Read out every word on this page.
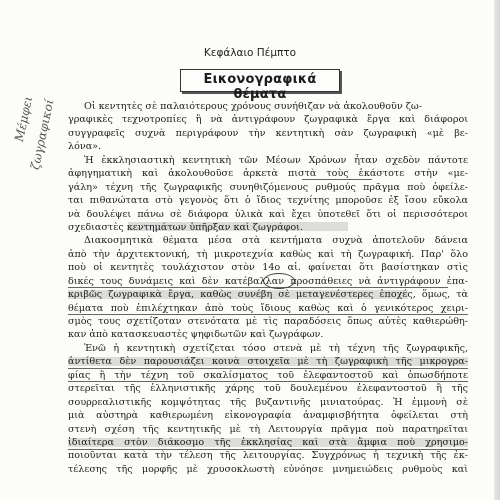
Κεφάλαιο Πέμπτο
Εικονογραφικά θέματα
Μέμφει
ζωγραφικοί	Οἱ κεντητὲς σὲ παλαιότερους χρόνους συνήθιζαν νὰ ἀκολουθοῦν ζω-
γραφικὲς τεχνοτροπίες ἢ νὰ ἀντιγράφουν ζωγραφικὰ ἔργα καὶ διάφοροι
συγγραφεῖς συχνὰ περιγράφουν τὴν κεντητικὴ σὰν ζωγραφικὴ «μὲ βε-
λόνα».
Ἡ ἐκκλησιαστικὴ κεντητικὴ τῶν Μέσων Χρόνων ἦταν σχεδὸν πάντοτε
ἀφηγηματικὴ καὶ ἀκολουθοῦσε ἀρκετὰ πιστὰ τοὺς ἑκάστοτε στὴν «με-
γάλη» τέχνη τῆς ζωγραφικῆς συνηθιζόμενους ρυθμούς πρᾶγμα ποὺ ὀφείλε-
ται πιθανώτατα στὸ γεγονὸς ὅτι ὁ ἴδιος τεχνίτης μποροῦσε ἐξ ἴσου εὔκολα
νὰ δουλέψει πάνω σὲ διάφορα ὑλικὰ καὶ ἔχει ὑποτεθεῖ ὅτι οἱ περισσότεροι
σχεδιαστὲς κεντημάτων ὑπῆρξαν καὶ ζωγράφοι.
Διακοσμητικὰ θέματα μέσα στὰ κεντήματα συχνὰ ἀποτελοῦν δάνεια
ἀπὸ τὴν ἀρχιτεκτονική, τὴ μικροτεχνία καθὼς καὶ τὴ ζωγραφική. Παρ' ὅλο
ποὺ οἱ κεντητὲς τουλάχιστον στὸν 14ο αἰ. φαίνεται ὅτι βασίστηκαν στὶς
δικές τους δυνάμεις καὶ δὲν κατέβαλλαν προσπάθειες νὰ ἀντιγράφουν ἐπα-
κριβῶς ζωγραφικὰ ἔργα, καθὼς συνέβη σὲ μεταγενέστερες ἐποχές, ὅμως, τὰ
θέματα ποὺ ἐπιλέχτηκαν ἀπὸ τοὺς ἴδιους καθὼς καὶ ὁ γενικότερος χειρι-
σμὸς τους σχετίζοταν στενότατα μὲ τὶς παραδόσεις ὅπως αὐτὲς καθιερώθη-
καν ἀπὸ κατασκευαστὲς ψηφιδωτῶν καὶ ζωγράφων.
Ἐνῶ ἡ κεντητικὴ σχετίζεται τόσο στενὰ μὲ τὴ τέχνη τῆς ζωγραφικῆς,
ἀντίθετα δὲν παρουσιάζει κοινὰ στοιχεῖα μὲ τὴ ζωγραφικὴ τῆς μικρογρα-
φίας ἢ τὴν τέχνη τοῦ σκαλίσματος τοῦ ἐλεφαντοστοῦ καὶ ὁπωσδήποτε
στερεῖται τῆς ἑλληνιστικῆς χάρης τοῦ δουλεμένου ἐλεφαντοστοῦ ἢ τῆς
σουρρεαλιστικῆς κομψότητας τῆς βυζαντινῆς μινιατούρας. Ἡ ἐμμονὴ σὲ
μιὰ αὐστηρὰ καθιερωμένη εἰκονογραφία ἀναμφισβήτητα ὀφείλεται στὴ
στενὴ σχέση τῆς κεντητικῆς μὲ τὴ Λειτουργία πρᾶγμα ποὺ παρατηρεῖται
ἰδιαίτερα στὸν διάκοσμο τῆς ἐκκλησίας καὶ στὰ ἄμφια ποὺ χρησιμο-
ποιοῦνται κατὰ τὴν τέλεση τῆς λειτουργίας. Συγχρόνως ἡ τεχνικὴ τῆς ἐκ-
τέλεσης τῆς μορφῆς μὲ χρυσοκλωστὴ εὐνόησε μνημειώδεις ρυθμοὺς καὶ
